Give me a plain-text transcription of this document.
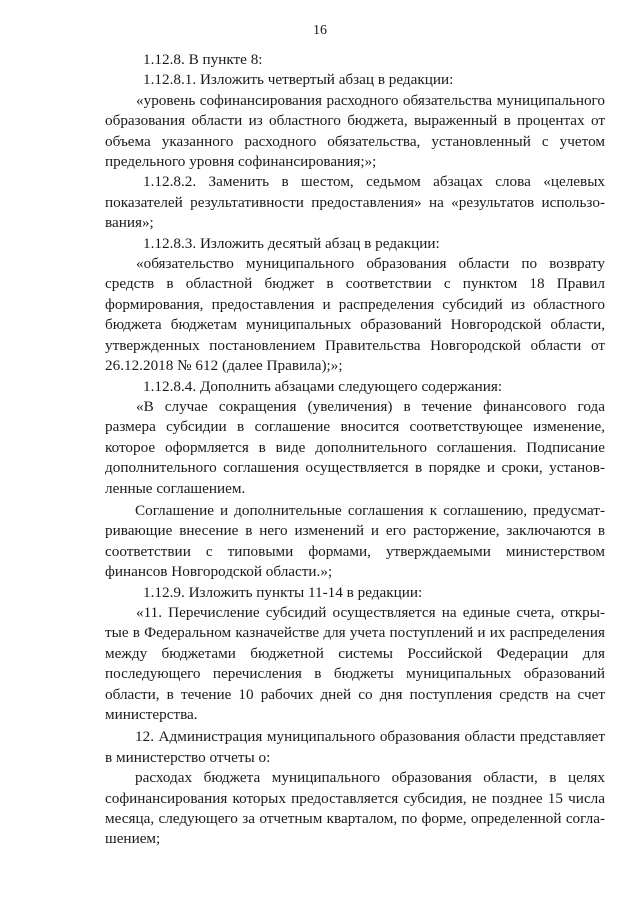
16

1.12.8. В пункте 8:

1.12.8.1. Изложить четвертый абзац в редакции:

«уровень софинансирования расходного обязательства муниципального образования области из областного бюджета, выраженный в процентах от объема указанного расходного обязательства, установленный с учетом предельного уровня софинансирования;»;

1.12.8.2. Заменить в шестом, седьмом абзацах слова «целевых показателей результативности предоставления» на «результатов использования»;

1.12.8.3. Изложить десятый абзац в редакции:

«обязательство муниципального образования области по возврату средств в областной бюджет в соответствии с пунктом 18 Правил формирования, предоставления и распределения субсидий из областного бюджета бюджетам муниципальных образований Новгородской области, утвержденных постановлением Правительства Новгородской области от 26.12.2018 № 612 (далее Правила);»;

1.12.8.4. Дополнить абзацами следующего содержания:

«В случае сокращения (увеличения) в течение финансового года размера субсидии в соглашение вносится соответствующее изменение, которое оформляется в виде дополнительного соглашения. Подписание дополнительного соглашения осуществляется в порядке и сроки, установленные соглашением.

Соглашение и дополнительные соглашения к соглашению, предусматривающие внесение в него изменений и его расторжение, заключаются в соответствии с типовыми формами, утверждаемыми министерством финансов Новгородской области.»;

1.12.9. Изложить пункты 11-14 в редакции:

«11. Перечисление субсидий осуществляется на единые счета, открытые в Федеральном казначействе для учета поступлений и их распределения между бюджетами бюджетной системы Российской Федерации для последующего перечисления в бюджеты муниципальных образований области, в течение 10 рабочих дней со дня поступления средств на счет министерства.

12. Администрация муниципального образования области представляет в министерство отчеты о:

расходах бюджета муниципального образования области, в целях софинансирования которых предоставляется субсидия, не позднее 15 числа месяца, следующего за отчетным кварталом, по форме, определенной соглашением;
